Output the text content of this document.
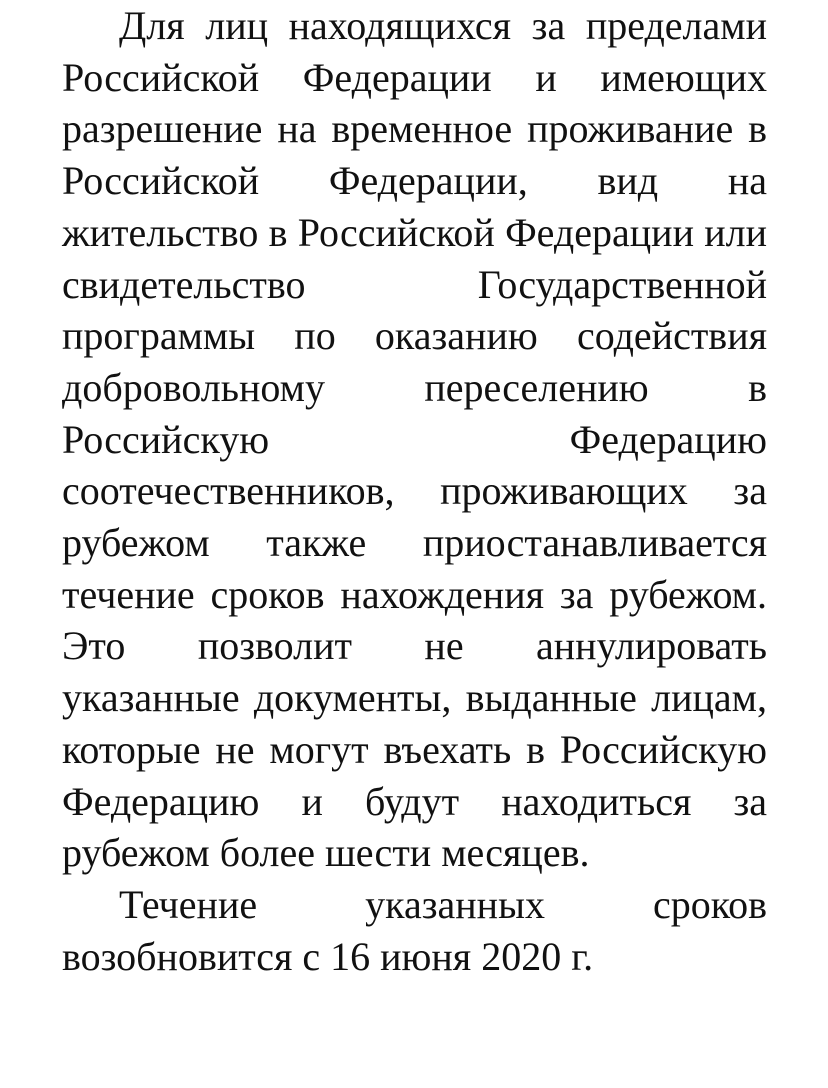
Для лиц находящихся за пределами Российской Федерации и имеющих разрешение на временное проживание в Российской Федерации, вид на жительство в Российской Федерации или свидетельство Государственной программы по оказанию содействия добровольному переселению в Российскую Федерацию соотечественников, проживающих за рубежом также приостанавливается течение сроков нахождения за рубежом. Это позволит не аннулировать указанные документы, выданные лицам, которые не могут въехать в Российскую Федерацию и будут находиться за рубежом более шести месяцев.

Течение указанных сроков возобновится с 16 июня 2020 г.
